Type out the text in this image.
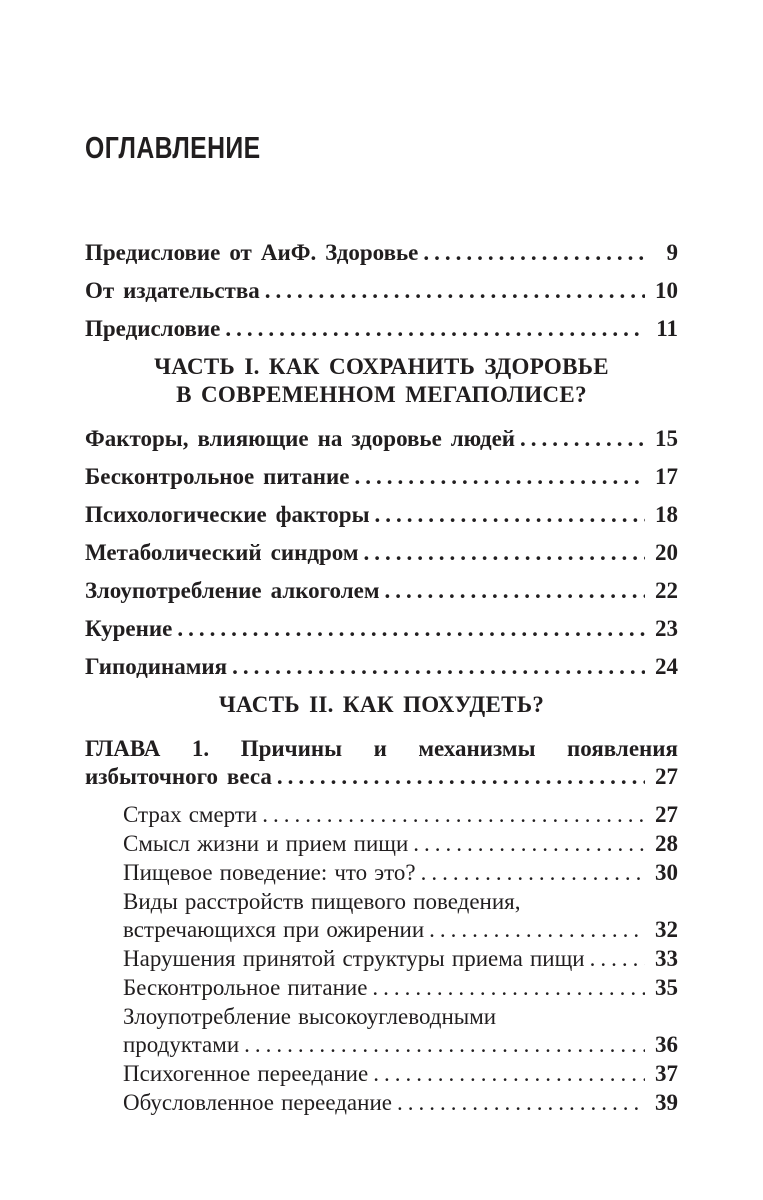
ОГЛАВЛЕНИЕ
Предисловие от АиФ. Здоровье .....	9
От издательства .....	10
Предисловие .....	11
ЧАСТЬ I. КАК СОХРАНИТЬ ЗДОРОВЬЕ
В СОВРЕМЕННОМ МЕГАПОЛИСЕ?
Факторы, влияющие на здоровье людей .....	15
Бесконтрольное питание .....	17
Психологические факторы .....	18
Метаболический синдром .....	20
Злоупотребление алкоголем .....	22
Курение .....	23
Гиподинамия .....	24
ЧАСТЬ II. КАК ПОХУДЕТЬ?
ГЛАВА 1. Причины и механизмы появления
избыточного веса .....	27
Страх смерти .....	27
Смысл жизни и прием пищи .....	28
Пищевое поведение: что это? .....	30
Виды расстройств пищевого поведения,
встречающихся при ожирении .....	32
Нарушения принятой структуры приема пищи .....	33
Бесконтрольное питание .....	35
Злоупотребление высокоуглеводными
продуктами .....	36
Психогенное переедание .....	37
Обусловленное переедание .....	39
